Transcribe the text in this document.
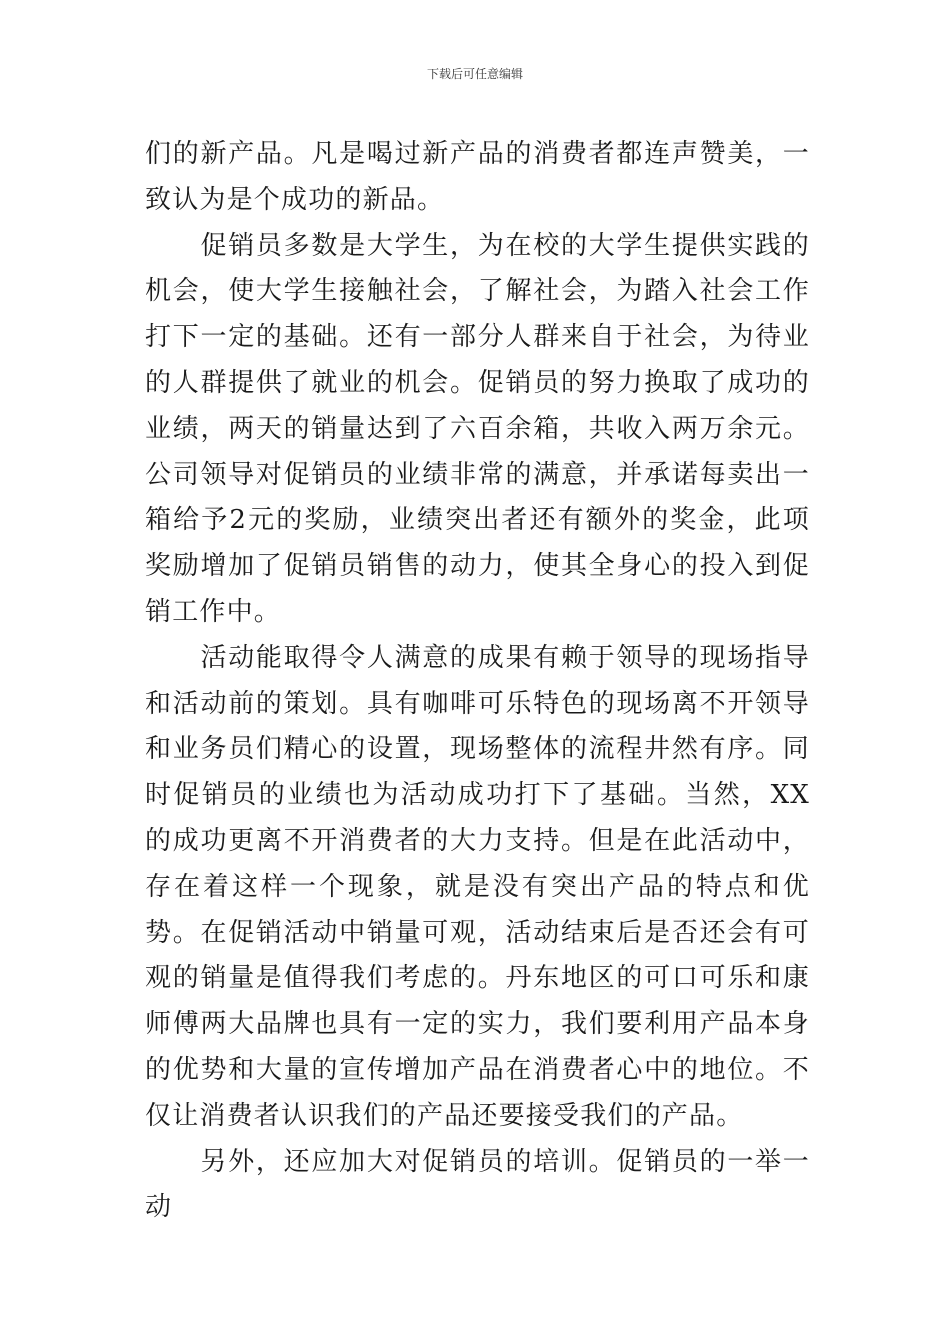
下载后可任意编辑

们的新产品。凡是喝过新产品的消费者都连声赞美，一致认为是个成功的新品。

　　促销员多数是大学生，为在校的大学生提供实践的机会，使大学生接触社会，了解社会，为踏入社会工作打下一定的基础。还有一部分人群来自于社会，为待业的人群提供了就业的机会。促销员的努力换取了成功的业绩，两天的销量达到了六百余箱，共收入两万余元。公司领导对促销员的业绩非常的满意，并承诺每卖出一箱给予2元的奖励，业绩突出者还有额外的奖金，此项奖励增加了促销员销售的动力，使其全身心的投入到促销工作中。

　　活动能取得令人满意的成果有赖于领导的现场指导和活动前的策划。具有咖啡可乐特色的现场离不开领导和业务员们精心的设置，现场整体的流程井然有序。同时促销员的业绩也为活动成功打下了基础。当然，XX的成功更离不开消费者的大力支持。但是在此活动中，存在着这样一个现象，就是没有突出产品的特点和优势。在促销活动中销量可观，活动结束后是否还会有可观的销量是值得我们考虑的。丹东地区的可口可乐和康师傅两大品牌也具有一定的实力，我们要利用产品本身的优势和大量的宣传增加产品在消费者心中的地位。不仅让消费者认识我们的产品还要接受我们的产品。

　　另外，还应加大对促销员的培训。促销员的一举一动
